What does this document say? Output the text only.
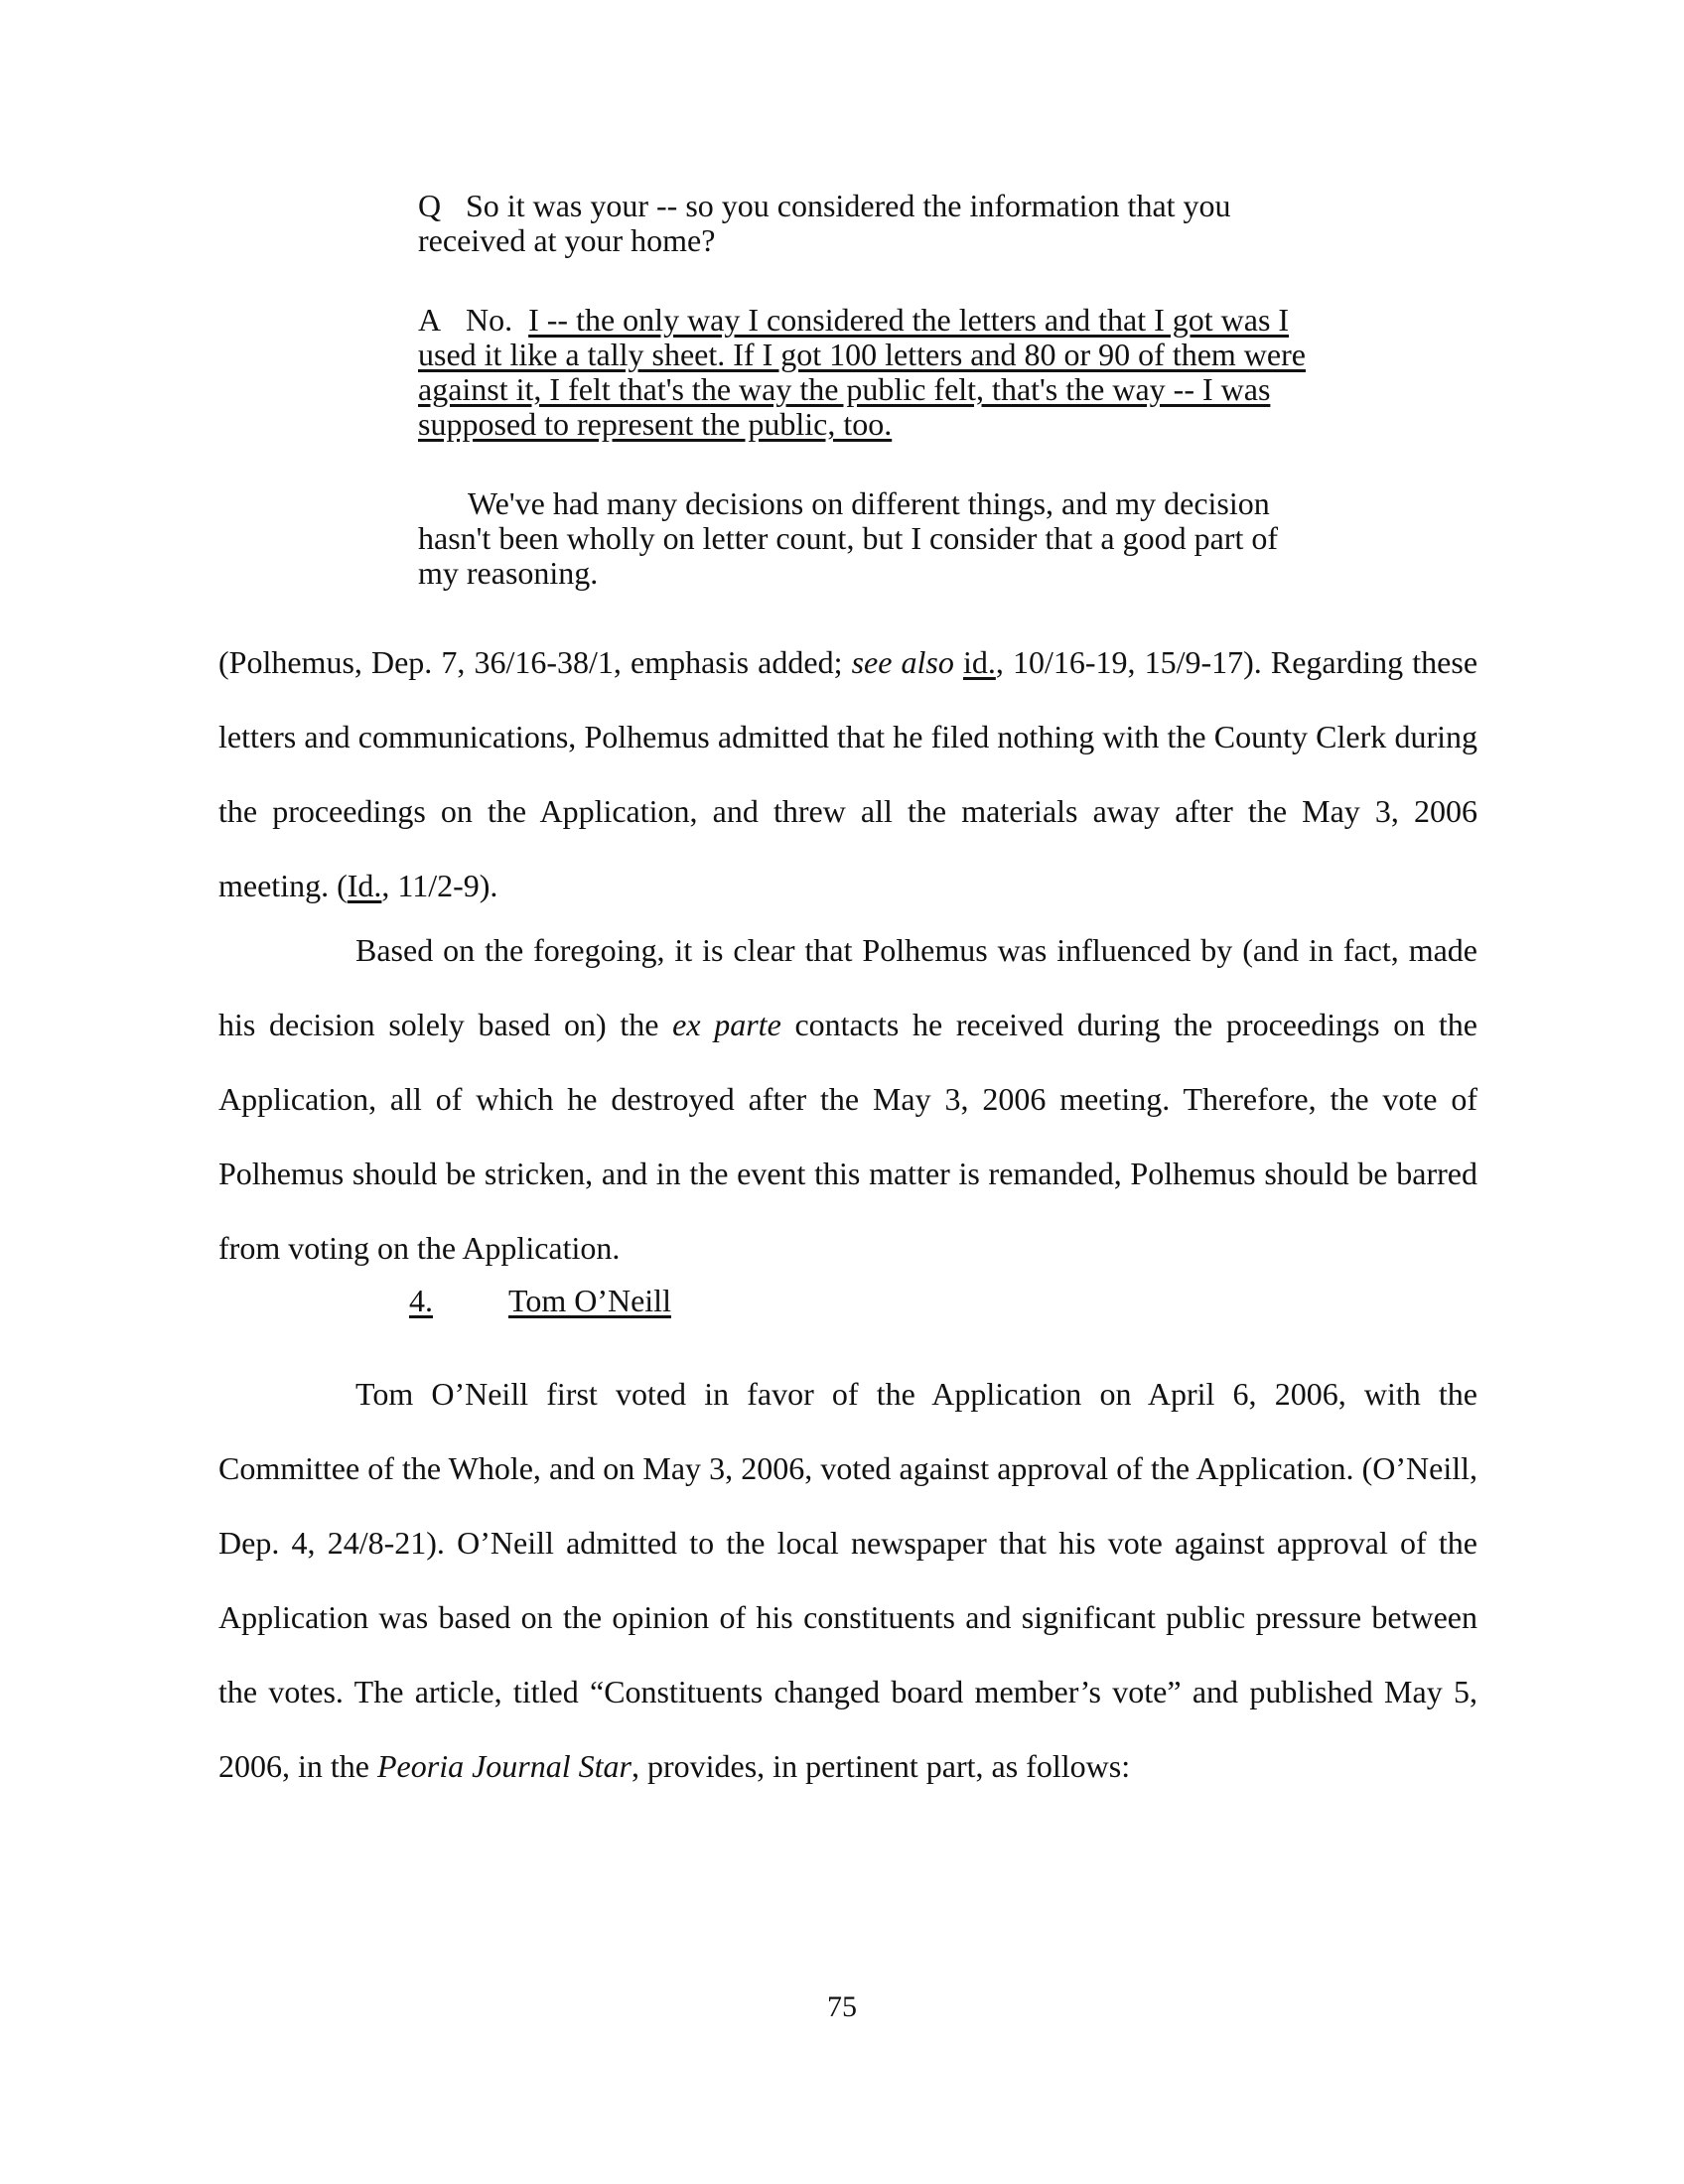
Q So it was your -- so you considered the information that you received at your home?
A No. I -- the only way I considered the letters and that I got was I used it like a tally sheet. If I got 100 letters and 80 or 90 of them were against it, I felt that's the way the public felt, that's the way -- I was supposed to represent the public, too.
We've had many decisions on different things, and my decision hasn't been wholly on letter count, but I consider that a good part of my reasoning.
(Polhemus, Dep. 7, 36/16-38/1, emphasis added; see also id., 10/16-19, 15/9-17). Regarding these letters and communications, Polhemus admitted that he filed nothing with the County Clerk during the proceedings on the Application, and threw all the materials away after the May 3, 2006 meeting. (Id., 11/2-9).
Based on the foregoing, it is clear that Polhemus was influenced by (and in fact, made his decision solely based on) the ex parte contacts he received during the proceedings on the Application, all of which he destroyed after the May 3, 2006 meeting. Therefore, the vote of Polhemus should be stricken, and in the event this matter is remanded, Polhemus should be barred from voting on the Application.
4. Tom O’Neill
Tom O’Neill first voted in favor of the Application on April 6, 2006, with the Committee of the Whole, and on May 3, 2006, voted against approval of the Application. (O’Neill, Dep. 4, 24/8-21). O’Neill admitted to the local newspaper that his vote against approval of the Application was based on the opinion of his constituents and significant public pressure between the votes. The article, titled “Constituents changed board member’s vote” and published May 5, 2006, in the Peoria Journal Star, provides, in pertinent part, as follows:
75
